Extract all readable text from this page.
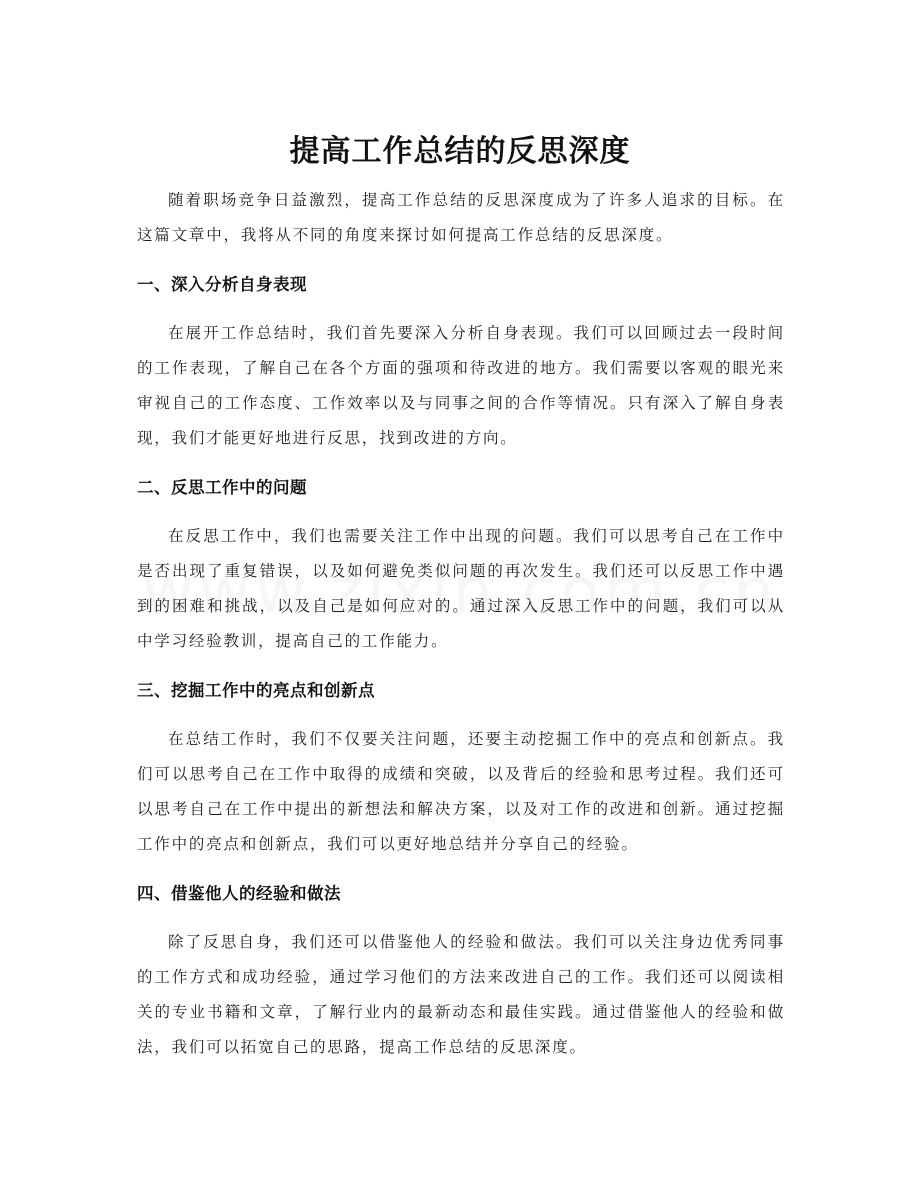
提高工作总结的反思深度

随着职场竞争日益激烈，提高工作总结的反思深度成为了许多人追求的目标。在这篇文章中，我将从不同的角度来探讨如何提高工作总结的反思深度。

一、深入分析自身表现

在展开工作总结时，我们首先要深入分析自身表现。我们可以回顾过去一段时间的工作表现，了解自己在各个方面的强项和待改进的地方。我们需要以客观的眼光来审视自己的工作态度、工作效率以及与同事之间的合作等情况。只有深入了解自身表现，我们才能更好地进行反思，找到改进的方向。

二、反思工作中的问题

在反思工作中，我们也需要关注工作中出现的问题。我们可以思考自己在工作中是否出现了重复错误，以及如何避免类似问题的再次发生。我们还可以反思工作中遇到的困难和挑战，以及自己是如何应对的。通过深入反思工作中的问题，我们可以从中学习经验教训，提高自己的工作能力。

三、挖掘工作中的亮点和创新点

在总结工作时，我们不仅要关注问题，还要主动挖掘工作中的亮点和创新点。我们可以思考自己在工作中取得的成绩和突破，以及背后的经验和思考过程。我们还可以思考自己在工作中提出的新想法和解决方案，以及对工作的改进和创新。通过挖掘工作中的亮点和创新点，我们可以更好地总结并分享自己的经验。

四、借鉴他人的经验和做法

除了反思自身，我们还可以借鉴他人的经验和做法。我们可以关注身边优秀同事的工作方式和成功经验，通过学习他们的方法来改进自己的工作。我们还可以阅读相关的专业书籍和文章，了解行业内的最新动态和最佳实践。通过借鉴他人的经验和做法，我们可以拓宽自己的思路，提高工作总结的反思深度。
